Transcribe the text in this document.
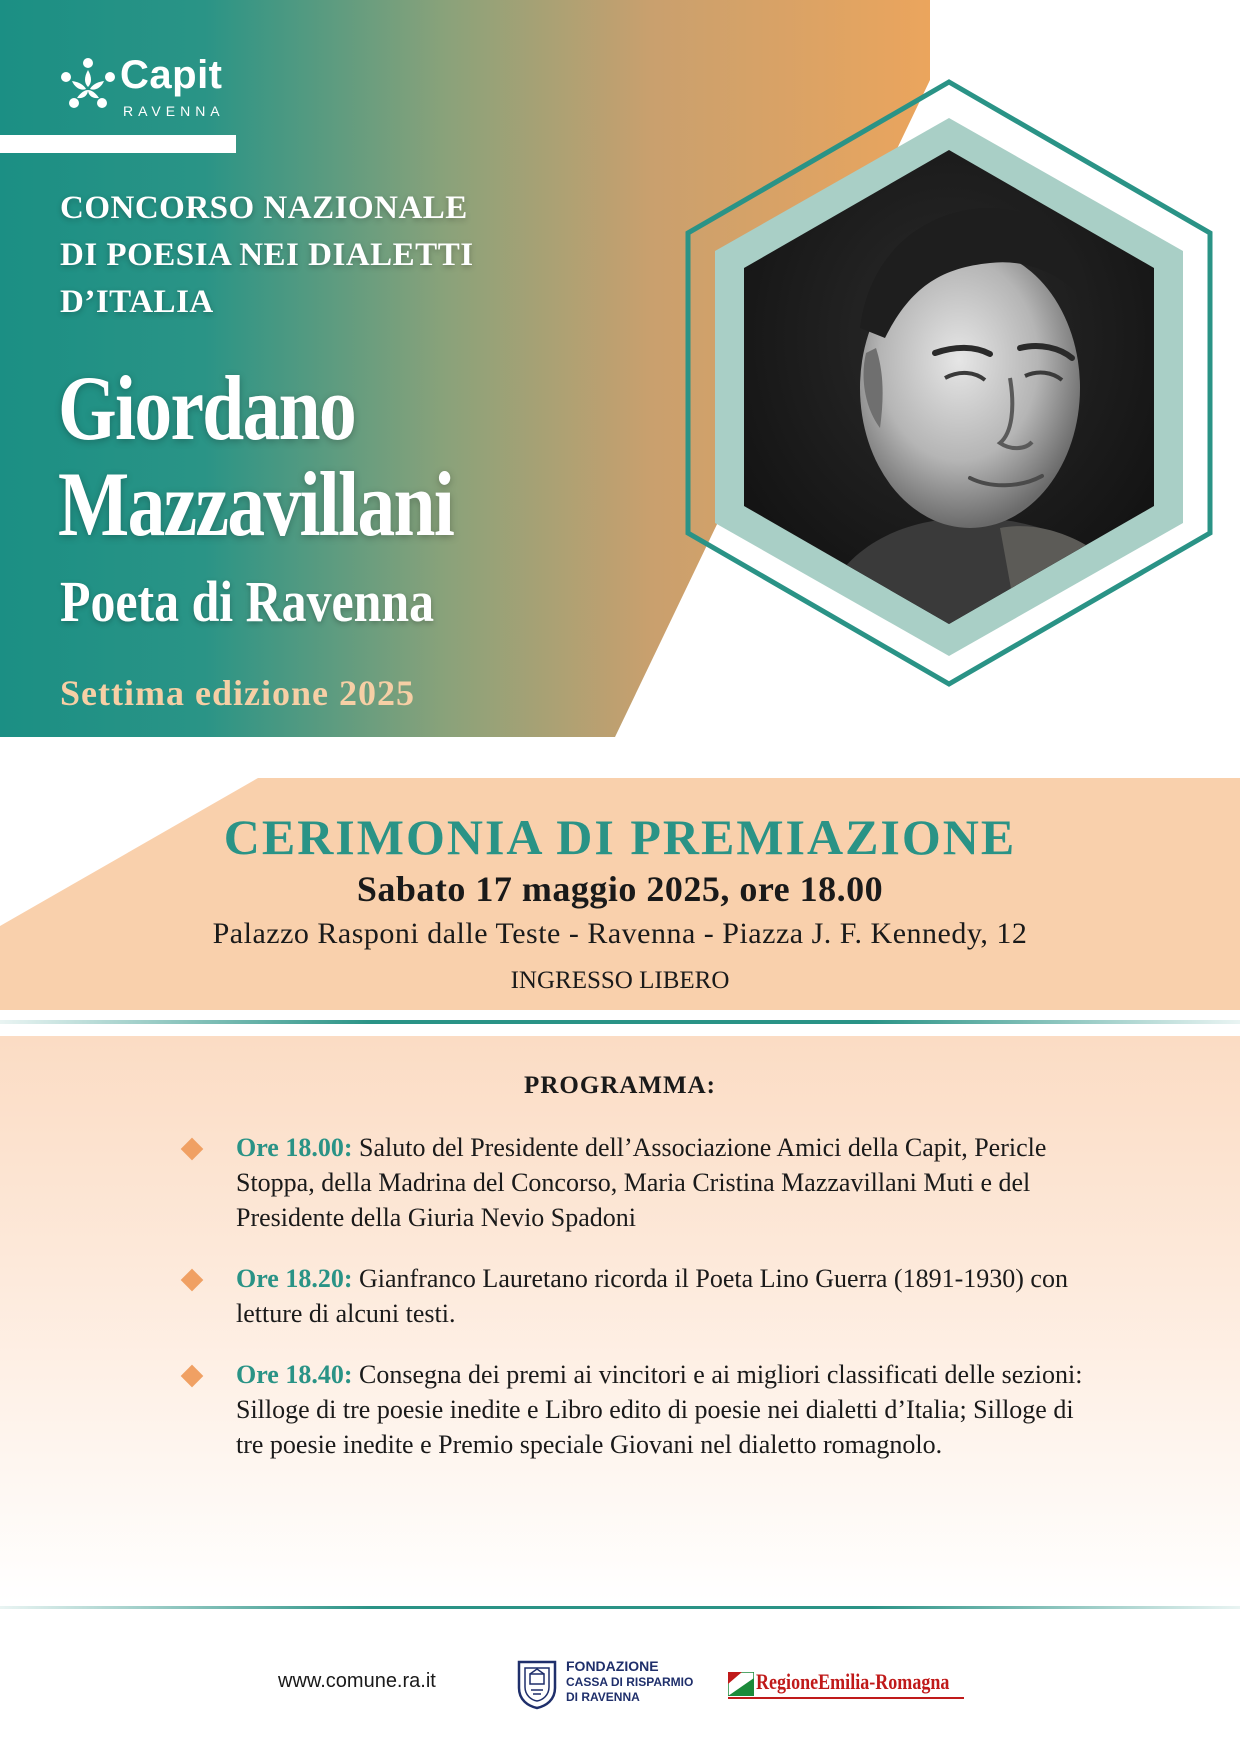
Capit
RAVENNA
CONCORSO NAZIONALE
DI POESIA NEI DIALETTI
D’ITALIA
Giordano
Mazzavillani
Poeta di Ravenna
Settima edizione 2025
CERIMONIA DI PREMIAZIONE
Sabato 17 maggio 2025, ore 18.00
Palazzo Rasponi dalle Teste - Ravenna - Piazza J. F. Kennedy, 12
INGRESSO LIBERO
PROGRAMMA:
Ore 18.00: Saluto del Presidente dell’Associazione Amici della Capit, Pericle Stoppa, della Madrina del Concorso, Maria Cristina Mazzavillani Muti e del Presidente della Giuria Nevio Spadoni
Ore 18.20: Gianfranco Lauretano ricorda il Poeta Lino Guerra (1891-1930) con letture di alcuni testi.
Ore 18.40: Consegna dei premi ai vincitori e ai migliori classificati delle sezioni: Silloge di tre poesie inedite e Libro edito di poesie nei dialetti d’Italia; Silloge di tre poesie inedite e Premio speciale Giovani nel dialetto romagnolo.
www.comune.ra.it
FONDAZIONE
CASSA DI RISPARMIO
DI RAVENNA
RegioneEmilia-Romagna
